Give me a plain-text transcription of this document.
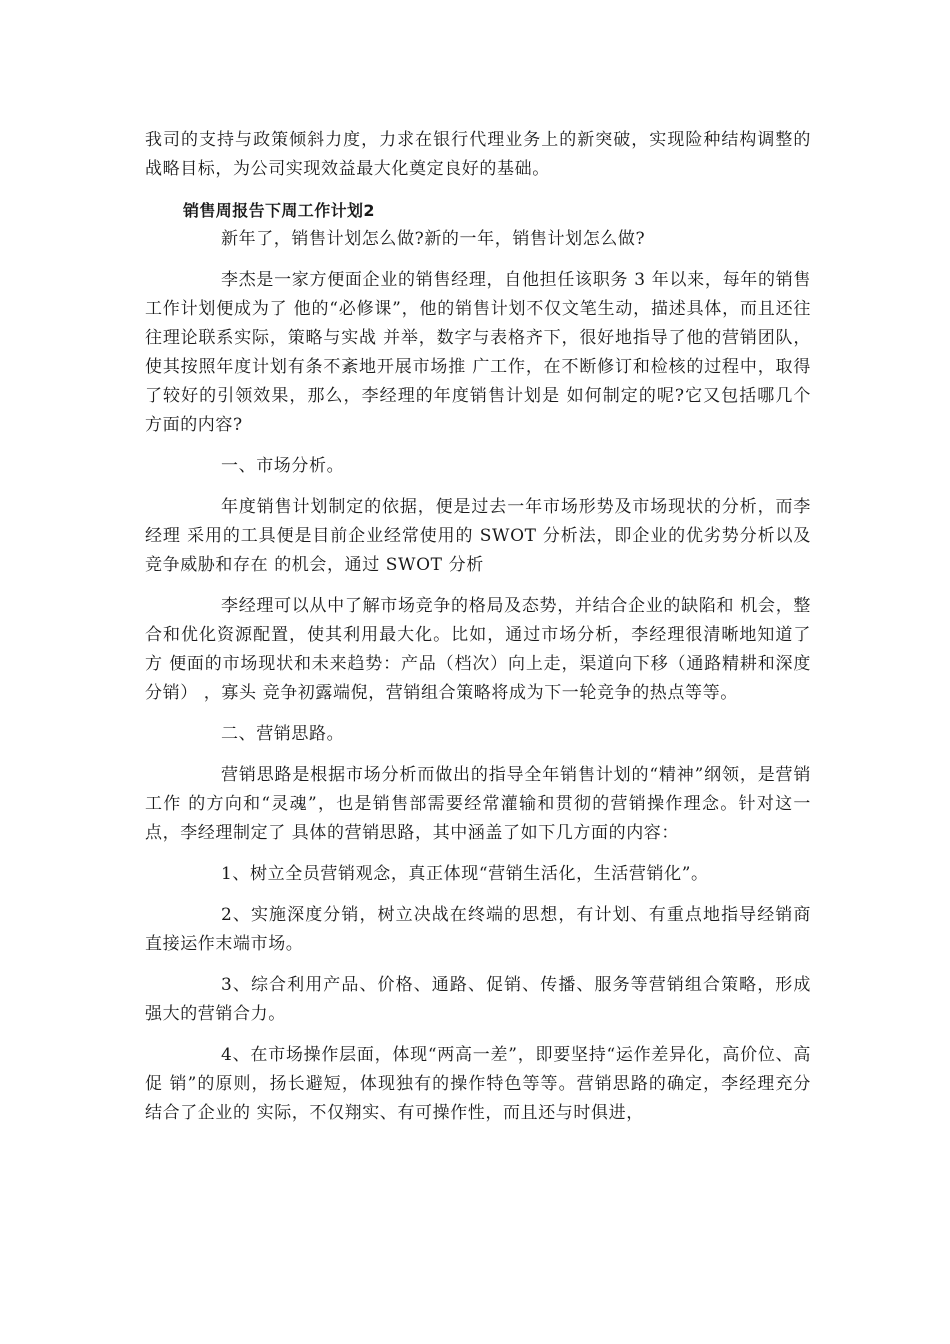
我司的支持与政策倾斜力度，力求在银行代理业务上的新突破，实现险种结构调整的战略目标，为公司实现效益最大化奠定良好的基础。

销售周报告下周工作计划2

新年了，销售计划怎么做?新的一年，销售计划怎么做?

李杰是一家方便面企业的销售经理，自他担任该职务 3 年以来，每年的销售工作计划便成为了 他的“必修课”，他的销售计划不仅文笔生动，描述具体，而且还往往理论联系实际，策略与实战 并举，数字与表格齐下，很好地指导了他的营销团队，使其按照年度计划有条不紊地开展市场推 广工作，在不断修订和检核的过程中，取得了较好的引领效果，那么，李经理的年度销售计划是 如何制定的呢?它又包括哪几个方面的内容?

一、市场分析。

年度销售计划制定的依据，便是过去一年市场形势及市场现状的分析，而李经理 采用的工具便是目前企业经常使用的 SWOT 分析法，即企业的优劣势分析以及竞争威胁和存在 的机会，通过 SWOT 分析

李经理可以从中了解市场竞争的格局及态势，并结合企业的缺陷和 机会，整合和优化资源配置，使其利用最大化。比如，通过市场分析，李经理很清晰地知道了方 便面的市场现状和未来趋势：产品（档次）向上走，渠道向下移（通路精耕和深度分销） ，寡头 竞争初露端倪，营销组合策略将成为下一轮竞争的热点等等。

二、营销思路。

营销思路是根据市场分析而做出的指导全年销售计划的“精神”纲领，是营销工作 的方向和“灵魂”，也是销售部需要经常灌输和贯彻的营销操作理念。针对这一点，李经理制定了 具体的营销思路，其中涵盖了如下几方面的内容：

1、树立全员营销观念，真正体现“营销生活化，生活营销化”。

2、实施深度分销，树立决战在终端的思想，有计划、有重点地指导经销商 直接运作末端市场。

3、综合利用产品、价格、通路、促销、传播、服务等营销组合策略，形成 强大的营销合力。

4、在市场操作层面，体现“两高一差”，即要坚持“运作差异化，高价位、高促 销”的原则，扬长避短，体现独有的操作特色等等。营销思路的确定，李经理充分结合了企业的 实际，不仅翔实、有可操作性，而且还与时俱进，
